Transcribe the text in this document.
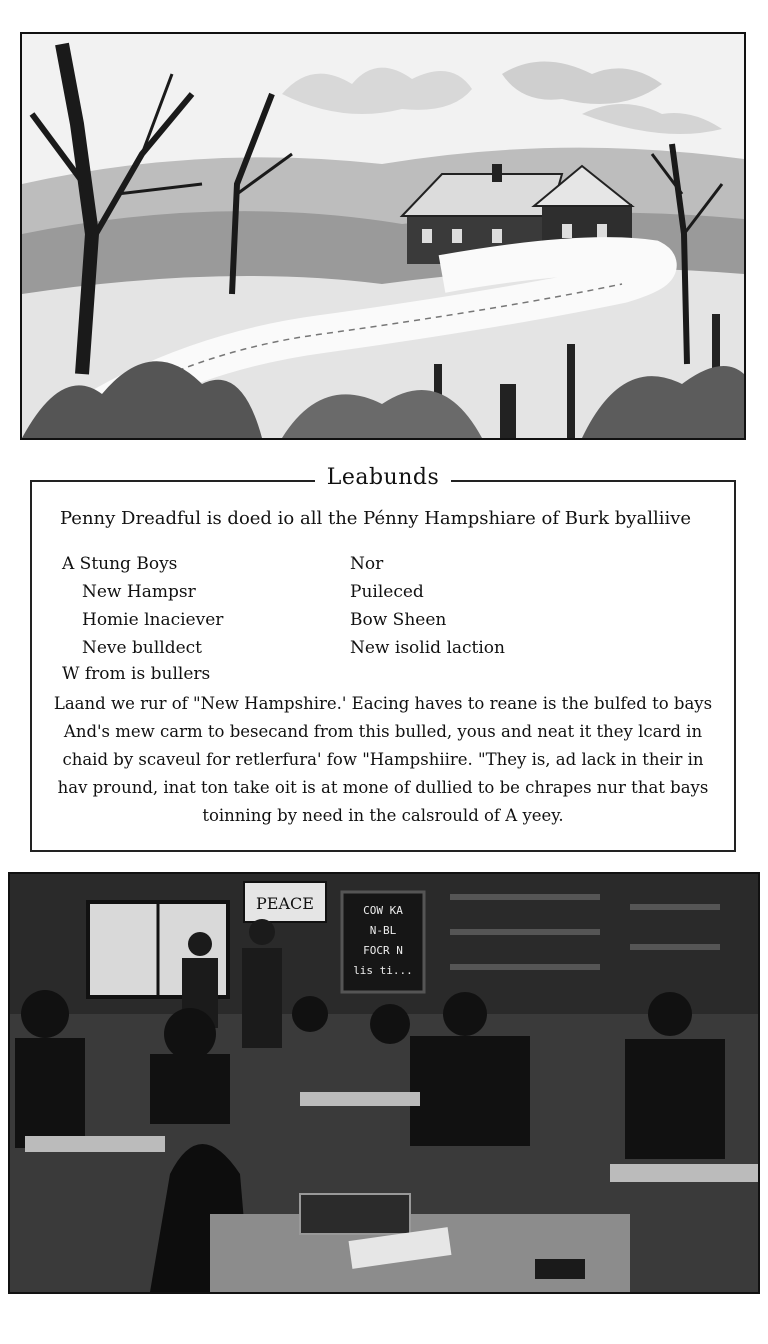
Leabunds
Penny Dreadful is doed io all the Pénny Hampshiare of Burk byalliive
A Stung Boys
New Hampsr
Homie lnaciever
Neve bulldect
Nor
Puileced
Bow Sheen
New isolid laction
W from is bullers
Laand we rur of "New Hampshire.' Eacing haves to reane is the bulfed to bays
And's mew carm to besecand from this bulled, yous and neat it they lcard in
chaid by scaveul for retlerfura' fow "Hampshiire. "They is, ad lack in their in
hav pround, inat ton take oit is at mone of dullied to be chrapes nur that bays
toinning by need in the calsrould of A yeey.
PEACE	COW KA
N-BL
FOCR N
lis ti...
